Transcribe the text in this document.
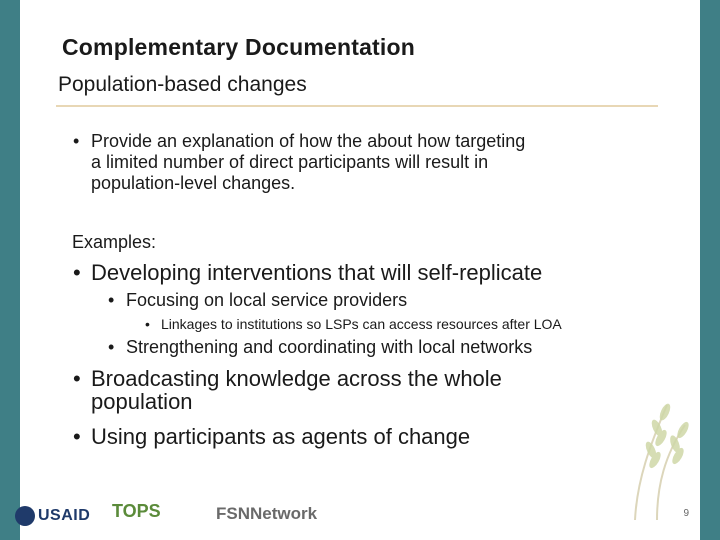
Complementary Documentation
Population-based changes
• Provide an explanation of how the about how targeting
a limited number of direct participants will result in
population-level changes.
Examples:
• Developing interventions that will self-replicate
• Focusing on local service providers
• Linkages to institutions so LSPs can access resources after LOA
• Strengthening and coordinating with local networks
• Broadcasting knowledge across the whole
population
• Using participants as agents of change
USAID TOPS	FSNNetwork	9
